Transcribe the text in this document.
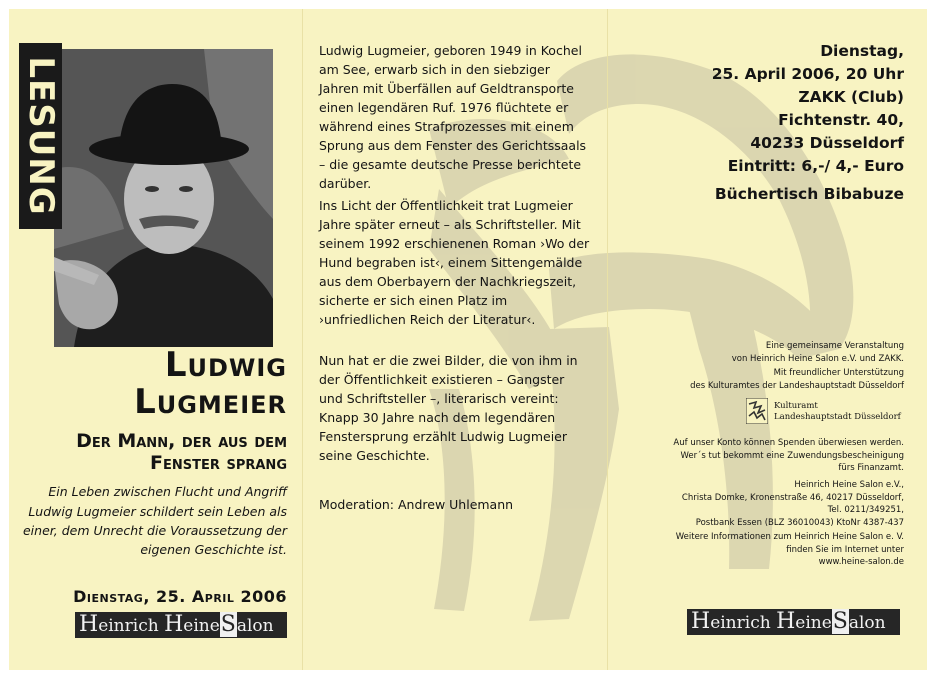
LESUNG
Ludwig
Lugmeier
Der Mann, der aus dem
Fenster sprang
Ein Leben zwischen Flucht und Angriff
Ludwig Lugmeier schildert sein Leben als einer, dem Unrecht die Voraussetzung der eigenen Geschichte ist.
Dienstag, 25. April 2006
Heinrich HeineSalon

Ludwig Lugmeier, geboren 1949 in Kochel am See, erwarb sich in den siebziger Jahren mit Überfällen auf Geldtransporte einen legendären Ruf. 1976 flüchtete er während eines Strafprozesses mit einem Sprung aus dem Fenster des Gerichtssaals – die gesamte deutsche Presse berichtete darüber.

Ins Licht der Öffentlichkeit trat Lugmeier Jahre später erneut – als Schriftsteller. Mit seinem 1992 erschienenen Roman ›Wo der Hund begraben ist‹, einem Sittengemälde aus dem Oberbayern der Nachkriegszeit, sicherte er sich einen Platz im ›unfriedlichen Reich der Literatur‹.

Nun hat er die zwei Bilder, die von ihm in der Öffentlichkeit existieren – Gangster und Schriftsteller –, literarisch vereint: Knapp 30 Jahre nach dem legendären Fenstersprung erzählt Ludwig Lugmeier seine Geschichte.

Moderation: Andrew Uhlemann

Dienstag,
25. April 2006, 20 Uhr
ZAKK (Club)
Fichtenstr. 40,
40233 Düsseldorf
Eintritt: 6,-/ 4,- Euro
Büchertisch Bibabuze
Eine gemeinsame Veranstaltung
von Heinrich Heine Salon e.V. und ZAKK.
Mit freundlicher Unterstützung
des Kulturamtes der Landeshauptstadt Düsseldorf
Kulturamt
Landeshauptstadt Düsseldorf
Auf unser Konto können Spenden überwiesen werden.
Wer´s tut bekommt eine Zuwendungsbescheinigung
fürs Finanzamt.
Heinrich Heine Salon e.V.,
Christa Domke, Kronenstraße 46, 40217 Düsseldorf,
Tel. 0211/349251,
Postbank Essen (BLZ 36010043) KtoNr 4387-437
Weitere Informationen zum Heinrich Heine Salon e. V.
finden Sie im Internet unter
www.heine-salon.de
Heinrich HeineSalon
